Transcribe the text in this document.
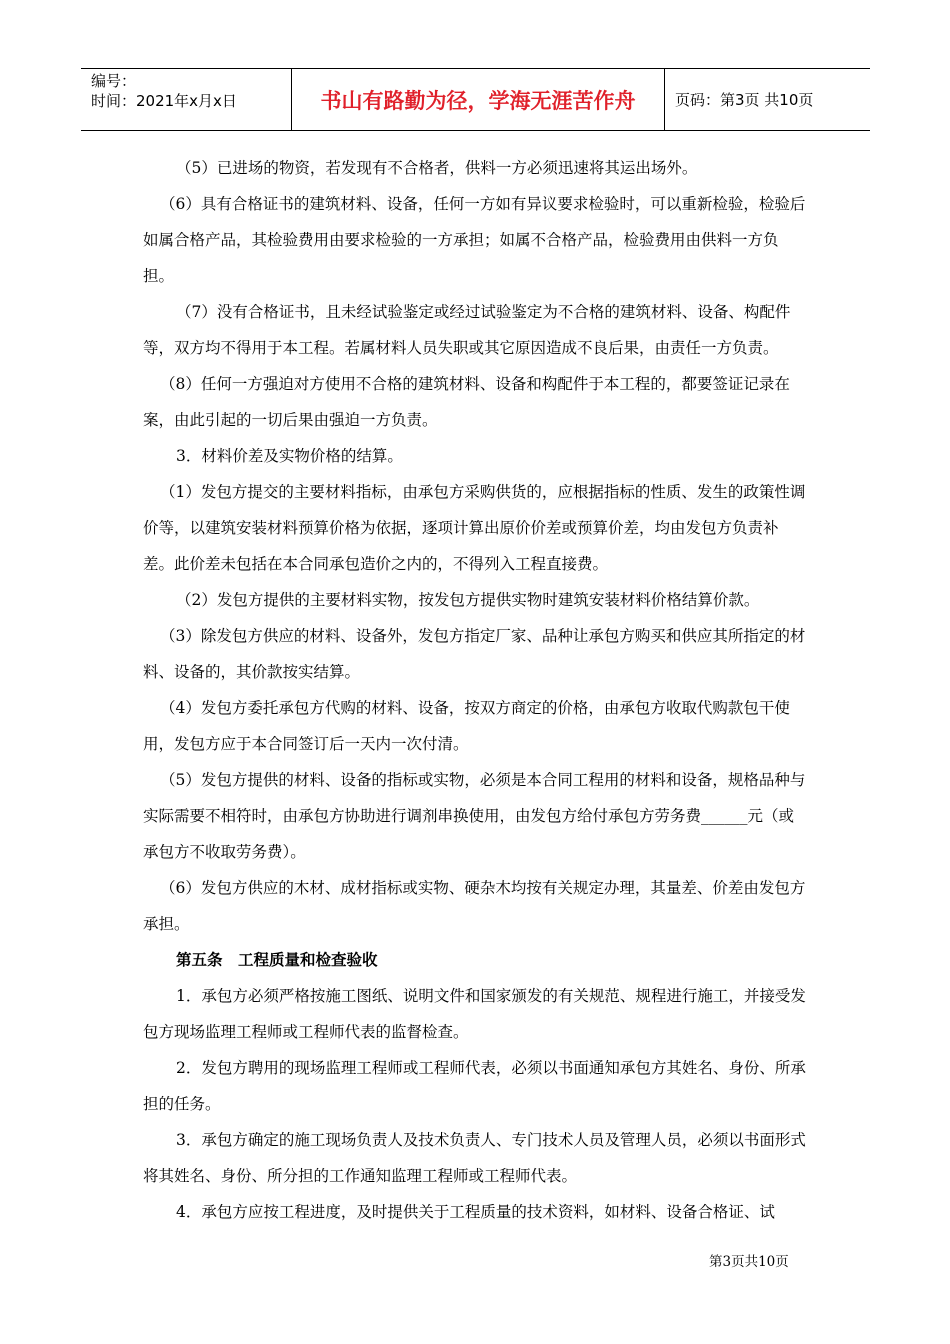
编号：
时间：2021年x月x日	书山有路勤为径，学海无涯苦作舟	页码：第3页 共10页

（5）已进场的物资，若发现有不合格者，供料一方必须迅速将其运出场外。

（6）具有合格证书的建筑材料、设备，任何一方如有异议要求检验时，可以重新检验，检验后如属合格产品，其检验费用由要求检验的一方承担；如属不合格产品，检验费用由供料一方负担。

（7）没有合格证书，且未经试验鉴定或经过试验鉴定为不合格的建筑材料、设备、构配件等，双方均不得用于本工程。若属材料人员失职或其它原因造成不良后果，由责任一方负责。

（8）任何一方强迫对方使用不合格的建筑材料、设备和构配件于本工程的，都要签证记录在案，由此引起的一切后果由强迫一方负责。

3．材料价差及实物价格的结算。

（1）发包方提交的主要材料指标，由承包方采购供货的，应根据指标的性质、发生的政策性调价等，以建筑安装材料预算价格为依据，逐项计算出原价价差或预算价差，均由发包方负责补差。此价差未包括在本合同承包造价之内的，不得列入工程直接费。

（2）发包方提供的主要材料实物，按发包方提供实物时建筑安装材料价格结算价款。

（3）除发包方供应的材料、设备外，发包方指定厂家、品种让承包方购买和供应其所指定的材料、设备的，其价款按实结算。

（4）发包方委托承包方代购的材料、设备，按双方商定的价格，由承包方收取代购款包干使用，发包方应于本合同签订后一天内一次付清。

（5）发包方提供的材料、设备的指标或实物，必须是本合同工程用的材料和设备，规格品种与实际需要不相符时，由承包方协助进行调剂串换使用，由发包方给付承包方劳务费______元（或承包方不收取劳务费）。

（6）发包方供应的木材、成材指标或实物、硬杂木均按有关规定办理，其量差、价差由发包方承担。

第五条　工程质量和检查验收

1．承包方必须严格按施工图纸、说明文件和国家颁发的有关规范、规程进行施工，并接受发包方现场监理工程师或工程师代表的监督检查。

2．发包方聘用的现场监理工程师或工程师代表，必须以书面通知承包方其姓名、身份、所承担的任务。

3．承包方确定的施工现场负责人及技术负责人、专门技术人员及管理人员，必须以书面形式将其姓名、身份、所分担的工作通知监理工程师或工程师代表。

4．承包方应按工程进度，及时提供关于工程质量的技术资料，如材料、设备合格证、试

第3页共10页
